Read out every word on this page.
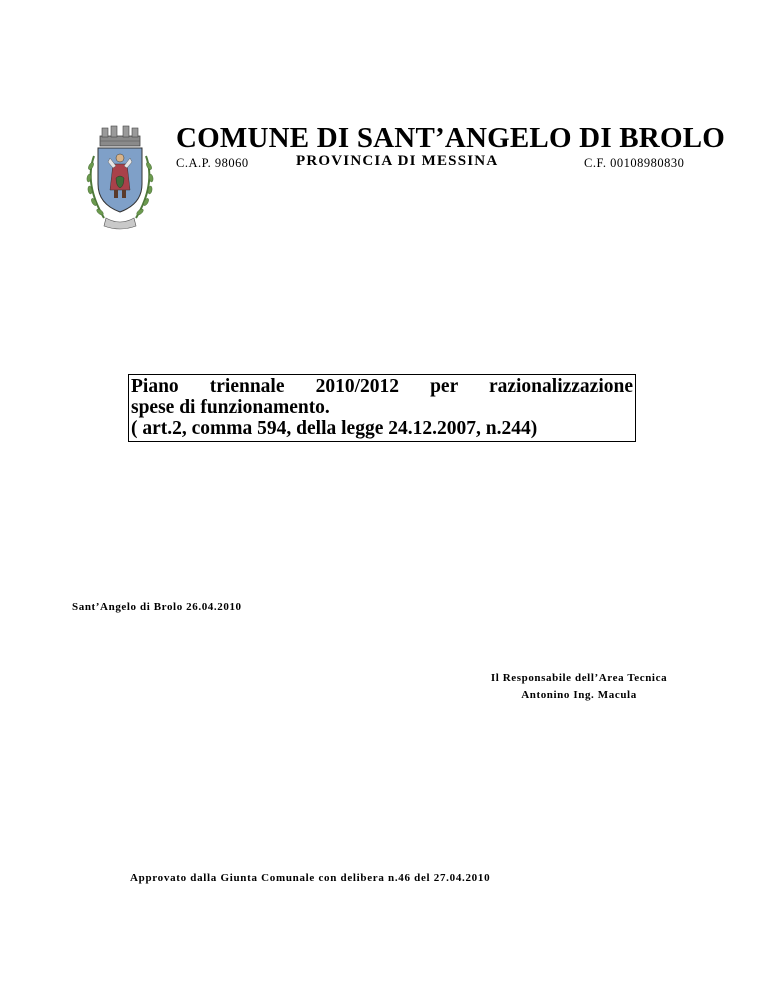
COMUNE DI SANT’ANGELO DI BROLO
C.A.P. 98060	PROVINCIA DI MESSINA	C.F. 00108980830
Piano triennale 2010/2012 per razionalizzazione
spese di funzionamento.
( art.2, comma 594, della legge 24.12.2007, n.244)
Sant’Angelo di Brolo 26.04.2010
Il Responsabile dell’Area Tecnica
Antonino Ing. Macula
Approvato dalla Giunta Comunale con delibera n.46 del 27.04.2010
